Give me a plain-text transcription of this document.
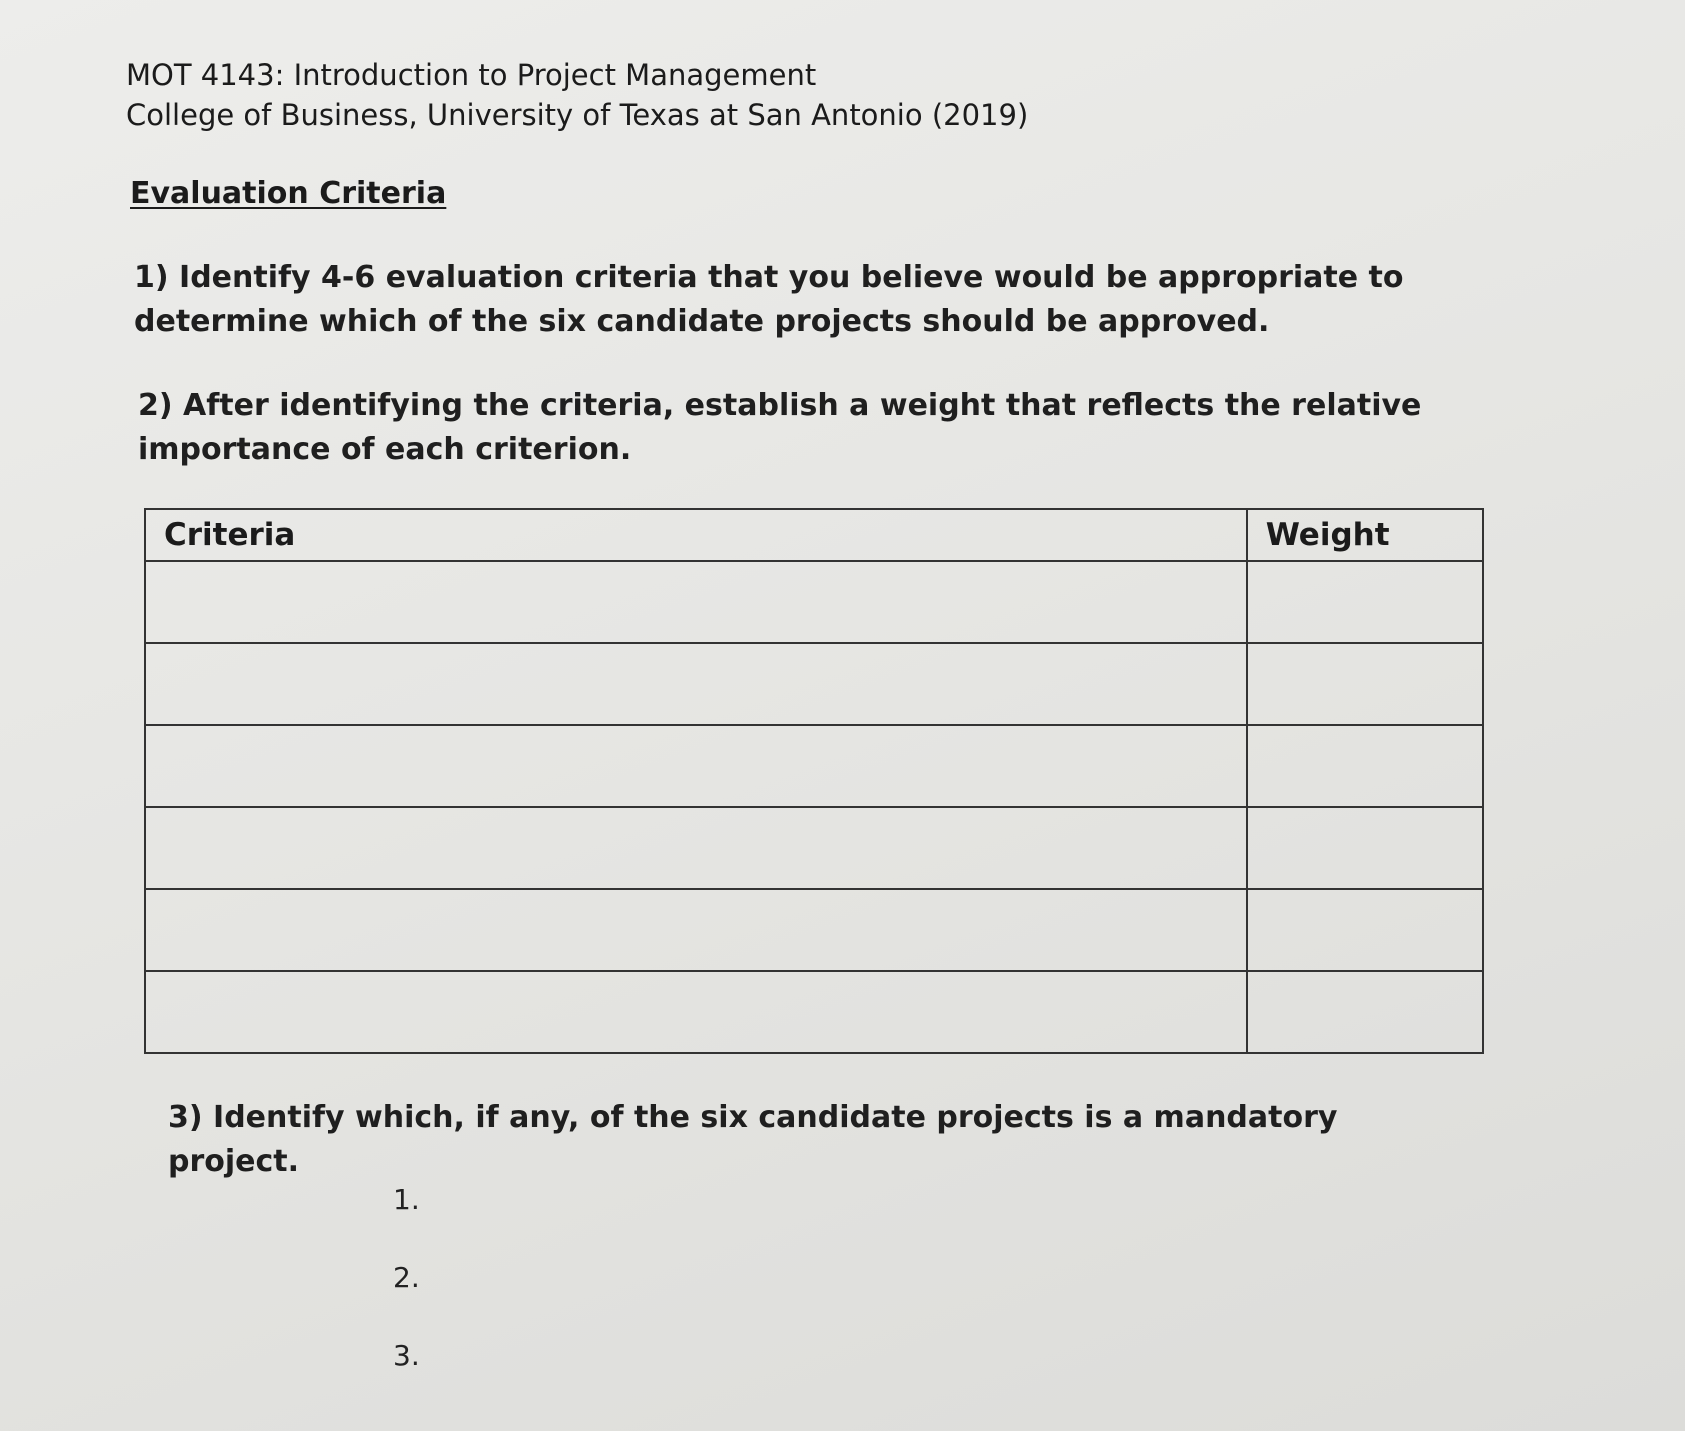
MOT 4143: Introduction to Project Management
College of Business, University of Texas at San Antonio (2019)
Evaluation Criteria
1) Identify 4-6 evaluation criteria that you believe would be appropriate to determine which of the six candidate projects should be approved.
2) After identifying the criteria, establish a weight that reflects the relative importance of each criterion.
Criteria	Weight

3) Identify which, if any, of the six candidate projects is a mandatory project.
1.
2.
3.
